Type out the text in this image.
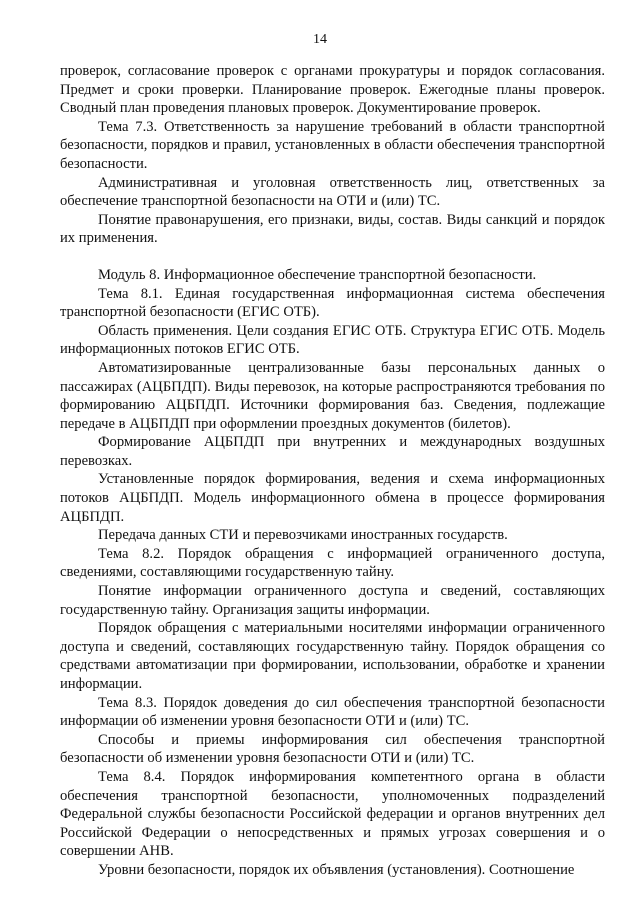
14

проверок, согласование проверок с органами прокуратуры и порядок согласования. Предмет и сроки проверки. Планирование проверок. Ежегодные планы проверок. Сводный план проведения плановых проверок. Документирование проверок.

Тема 7.3. Ответственность за нарушение требований в области транспортной безопасности, порядков и правил, установленных в области обеспечения транспортной безопасности.

Административная и уголовная ответственность лиц, ответственных за обеспечение транспортной безопасности на ОТИ и (или) ТС.

Понятие правонарушения, его признаки, виды, состав. Виды санкций и порядок их применения.

Модуль 8. Информационное обеспечение транспортной безопасности.

Тема 8.1. Единая государственная информационная система обеспечения транспортной безопасности (ЕГИС ОТБ).

Область применения. Цели создания ЕГИС ОТБ. Структура ЕГИС ОТБ. Модель информационных потоков ЕГИС ОТБ.

Автоматизированные централизованные базы персональных данных о пассажирах (АЦБПДП). Виды перевозок, на которые распространяются требования по формированию АЦБПДП. Источники формирования баз. Сведения, подлежащие передаче в АЦБПДП при оформлении проездных документов (билетов).

Формирование АЦБПДП при внутренних и международных воздушных перевозках.

Установленные порядок формирования, ведения и схема информационных потоков АЦБПДП. Модель информационного обмена в процессе формирования АЦБПДП.

Передача данных СТИ и перевозчиками иностранных государств.

Тема 8.2. Порядок обращения с информацией ограниченного доступа, сведениями, составляющими государственную тайну.

Понятие информации ограниченного доступа и сведений, составляющих государственную тайну. Организация защиты информации.

Порядок обращения с материальными носителями информации ограниченного доступа и сведений, составляющих государственную тайну. Порядок обращения со средствами автоматизации при формировании, использовании, обработке и хранении информации.

Тема 8.3. Порядок доведения до сил обеспечения транспортной безопасности информации об изменении уровня безопасности ОТИ и (или) ТС.

Способы и приемы информирования сил обеспечения транспортной безопасности об изменении уровня безопасности ОТИ и (или) ТС.

Тема 8.4. Порядок информирования компетентного органа в области обеспечения транспортной безопасности, уполномоченных подразделений Федеральной службы безопасности Российской федерации и органов внутренних дел Российской Федерации о непосредственных и прямых угрозах совершения и о совершении АНВ.

Уровни безопасности, порядок их объявления (установления). Соотношение
